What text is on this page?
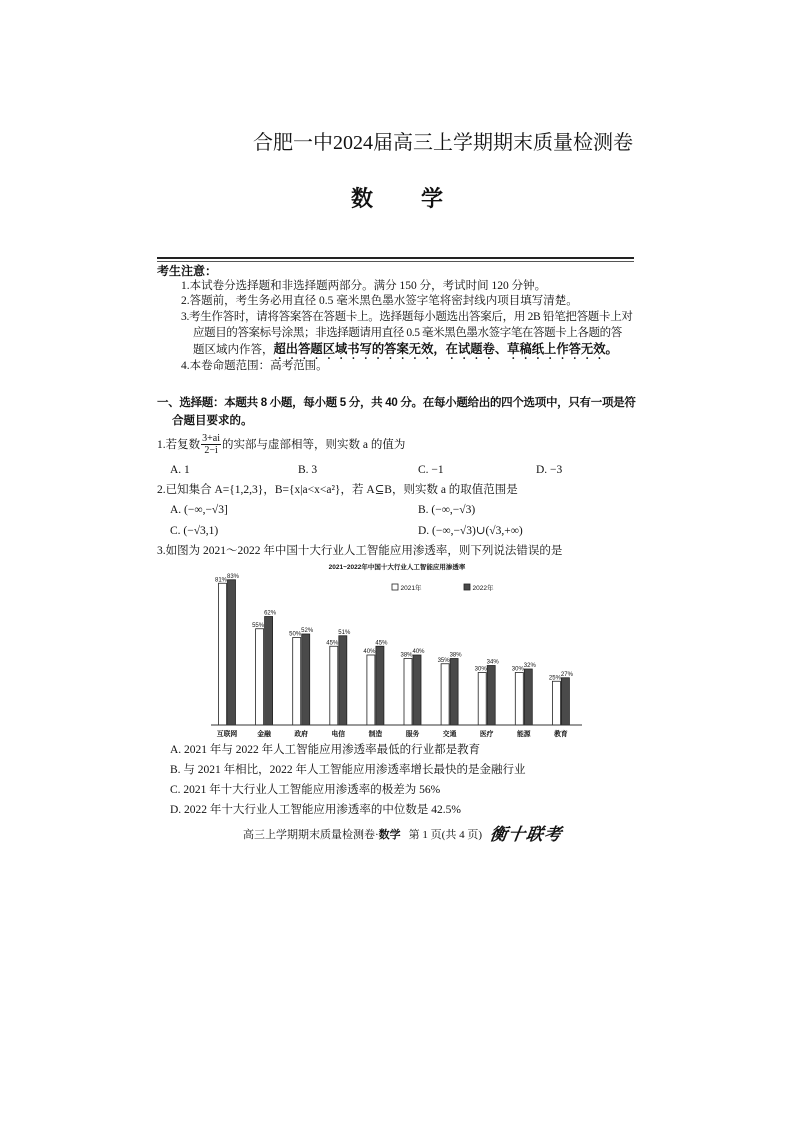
合肥一中2024届高三上学期期末质量检测卷
数学
考生注意：
1.本试卷分选择题和非选择题两部分。满分 150 分，考试时间 120 分钟。
2.答题前，考生务必用直径 0.5 毫米黑色墨水签字笔将密封线内项目填写清楚。
3.考生作答时，请将答案答在答题卡上。选择题每小题选出答案后，用 2B 铅笔把答题卡上对
应题目的答案标号涂黑；非选择题请用直径 0.5 毫米黑色墨水签字笔在答题卡上各题的答
题区域内作答，超出答题区域书写的答案无效，在试题卷、草稿纸上作答无效。
4.本卷命题范围：高考范围。
一、选择题：本题共 8 小题，每小题 5 分，共 40 分。在每小题给出的四个选项中，只有一项是符
合题目要求的。
1.若复数 $\frac{3+ai}{2-i}$ 的实部与虚部相等，则实数 a 的值为
A. 1	B. 3	C. −1	D. −3
2.已知集合 A={1,2,3}，B={x|a<x<a²}，若 A⊆B，则实数 a 的取值范围是
A. (−∞,−√3]	B. (−∞,−√3)
C. (−√3,1)	D. (−∞,−√3)∪(√3,+∞)
3.如图为 2021～2022 年中国十大行业人工智能应用渗透率，则下列说法错误的是
2021~2022年中国十大行业人工智能应用渗透率
2021年	2022年
81%
83%
互联网
55%
62%
金融
50%
52%
政府
45%
51%
电信
40%
45%
制造
38%
40%
服务
35%
38%
交通
30%
34%
医疗
30%
32%
能源
25%
27%
教育
A. 2021 年与 2022 年人工智能应用渗透率最低的行业都是教育
B. 与 2021 年相比，2022 年人工智能应用渗透率增长最快的是金融行业
C. 2021 年十大行业人工智能应用渗透率的极差为 56%
D. 2022 年十大行业人工智能应用渗透率的中位数是 42.5%
高三上学期期末质量检测卷·数学 第 1 页(共 4 页) 衡十联考
